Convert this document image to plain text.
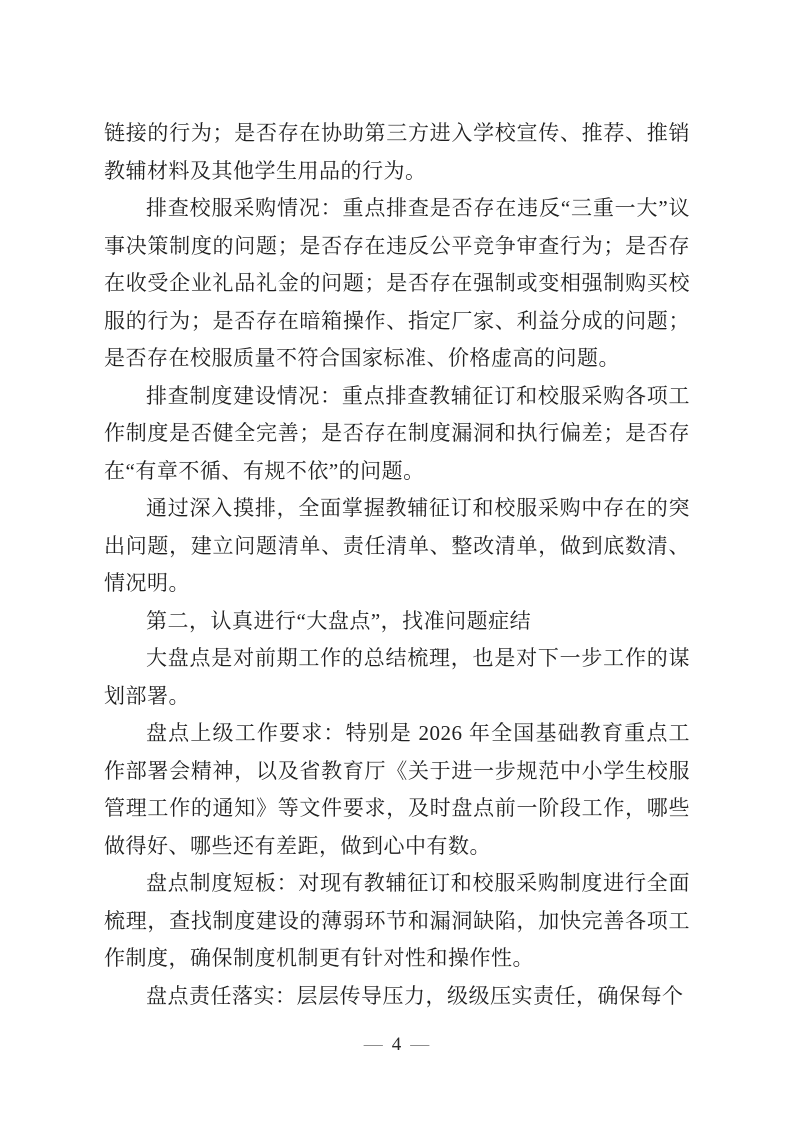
链接的行为；是否存在协助第三方进入学校宣传、推荐、推销教辅材料及其他学生用品的行为。

排查校服采购情况：重点排查是否存在违反“三重一大”议事决策制度的问题；是否存在违反公平竞争审查行为；是否存在收受企业礼品礼金的问题；是否存在强制或变相强制购买校服的行为；是否存在暗箱操作、指定厂家、利益分成的问题；是否存在校服质量不符合国家标准、价格虚高的问题。

排查制度建设情况：重点排查教辅征订和校服采购各项工作制度是否健全完善；是否存在制度漏洞和执行偏差；是否存在“有章不循、有规不依”的问题。

通过深入摸排，全面掌握教辅征订和校服采购中存在的突出问题，建立问题清单、责任清单、整改清单，做到底数清、情况明。

第二，认真进行“大盘点”，找准问题症结

大盘点是对前期工作的总结梳理，也是对下一步工作的谋划部署。

盘点上级工作要求：特别是 2026 年全国基础教育重点工作部署会精神，以及省教育厅《关于进一步规范中小学生校服管理工作的通知》等文件要求，及时盘点前一阶段工作，哪些做得好、哪些还有差距，做到心中有数。

盘点制度短板：对现有教辅征订和校服采购制度进行全面梳理，查找制度建设的薄弱环节和漏洞缺陷，加快完善各项工作制度，确保制度机制更有针对性和操作性。

盘点责任落实：层层传导压力，级级压实责任，确保每个

— 4 —
